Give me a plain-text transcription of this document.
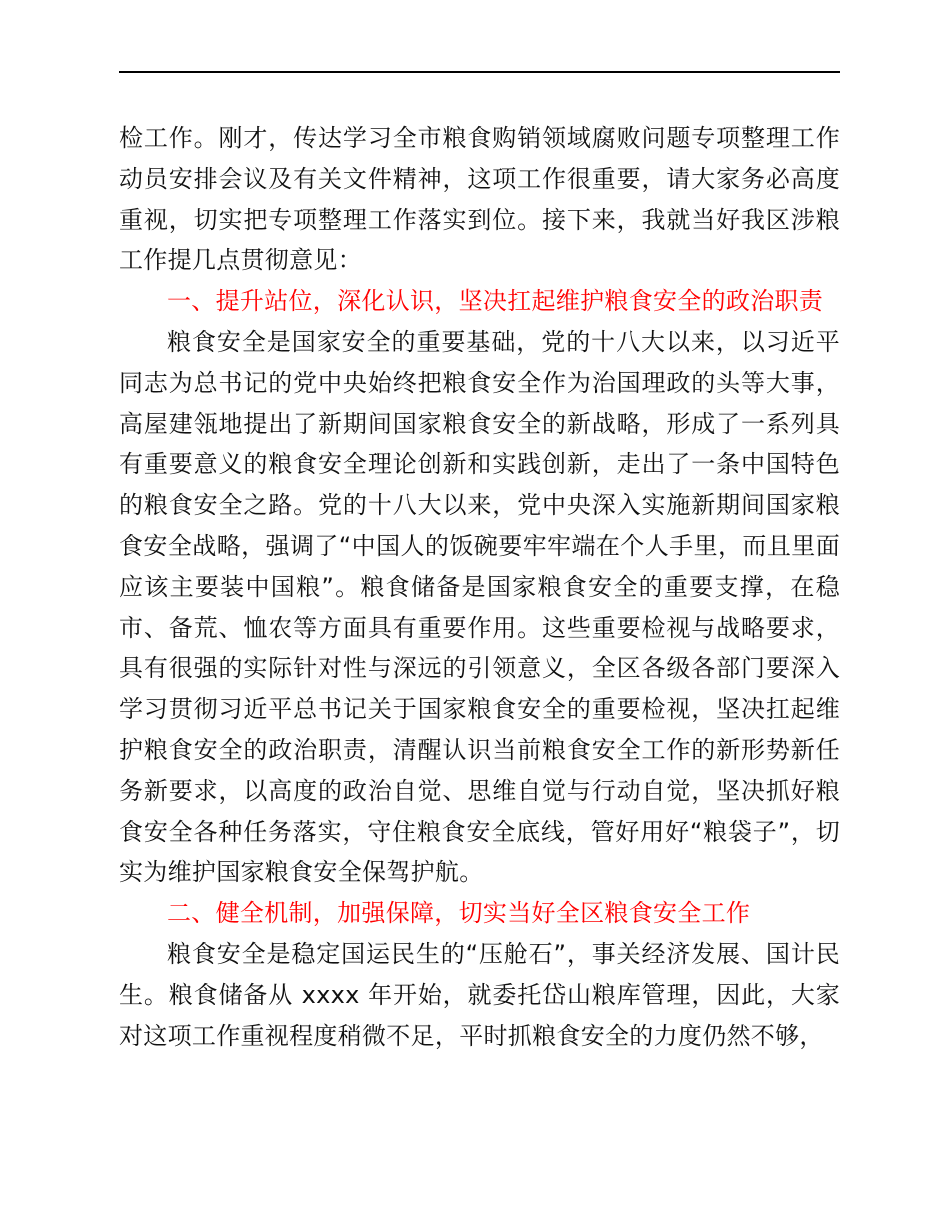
检工作。刚才，传达学习全市粮食购销领域腐败问题专项整理工作动员安排会议及有关文件精神，这项工作很重要，请大家务必高度重视，切实把专项整理工作落实到位。接下来，我就当好我区涉粮工作提几点贯彻意见：

一、提升站位，深化认识，坚决扛起维护粮食安全的政治职责

粮食安全是国家安全的重要基础，党的十八大以来，以习近平同志为总书记的党中央始终把粮食安全作为治国理政的头等大事，高屋建瓴地提出了新期间国家粮食安全的新战略，形成了一系列具有重要意义的粮食安全理论创新和实践创新，走出了一条中国特色的粮食安全之路。党的十八大以来，党中央深入实施新期间国家粮食安全战略，强调了“中国人的饭碗要牢牢端在个人手里，而且里面应该主要装中国粮”。粮食储备是国家粮食安全的重要支撑，在稳市、备荒、恤农等方面具有重要作用。这些重要检视与战略要求，具有很强的实际针对性与深远的引领意义，全区各级各部门要深入学习贯彻习近平总书记关于国家粮食安全的重要检视，坚决扛起维护粮食安全的政治职责，清醒认识当前粮食安全工作的新形势新任务新要求，以高度的政治自觉、思维自觉与行动自觉，坚决抓好粮食安全各种任务落实，守住粮食安全底线，管好用好“粮袋子”，切实为维护国家粮食安全保驾护航。

二、健全机制，加强保障，切实当好全区粮食安全工作

粮食安全是稳定国运民生的“压舱石”，事关经济发展、国计民生。粮食储备从 xxxx 年开始，就委托岱山粮库管理，因此，大家对这项工作重视程度稍微不足，平时抓粮食安全的力度仍然不够，
